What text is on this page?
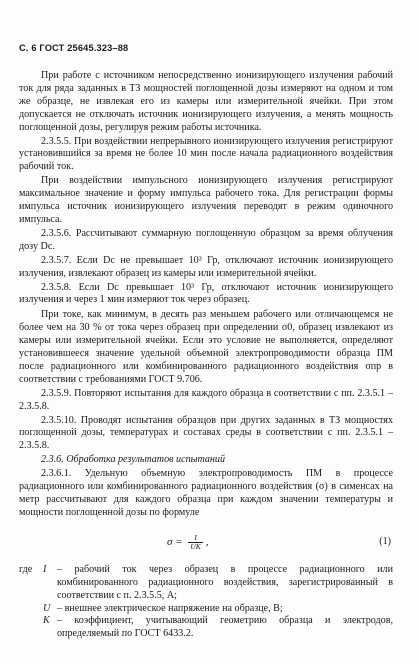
С. 6 ГОСТ 25645.323–88

При работе с источником непосредственно ионизирующего излучения рабочий ток для ряда заданных в ТЗ мощностей поглощенной дозы измеряют на одном и том же образце, не извлекая его из камеры или измерительной ячейки. При этом допускается не отключать источник ионизирующего излучения, а менять мощность поглощенной дозы, регулируя режим работы источника.

2.3.5.5. При воздействии непрерывного ионизирующего излучения регистрируют установившийся за время не более 10 мин после начала радиационного воздействия рабочий ток.

При воздействии импульсного ионизирующего излучения регистрируют максимальное значение и форму импульса рабочего тока. Для регистрации формы импульса источник ионизирующего излучения переводят в режим одиночного импульса.

2.3.5.6. Рассчитывают суммарную поглощенную образцом за время облучения дозу Dс.

2.3.5.7. Если Dс не превышает 10³ Гр, отключают источник ионизирующего излучения, извлекают образец из камеры или измерительной ячейки.

2.3.5.8. Если Dс превышает 10³ Гр, отключают источник ионизирующего излучения и через 1 мин измеряют ток через образец.

При токе, как минимум, в десять раз меньшем рабочего или отличающемся не более чем на 30 % от тока через образец при определении σ0, образец извлекают из камеры или измерительной ячейки. Если это условие не выполняется, определяют установившееся значение удельной объемной электропроводимости образца ПМ после радиационного или комбинированного радиационного воздействия σпр в соответствии с требованиями ГОСТ 9.706.

2.3.5.9. Повторяют испытания для каждого образца в соответствии с пп. 2.3.5.1 – 2.3.5.8.

2.3.5.10. Проводят испытания образцов при других заданных в ТЗ мощностях поглощенной дозы, температурах и составах среды в соответствии с пп. 2.3.5.1 – 2.3.5.8.

2.3.6. Обработка результатов испытаний

2.3.6.1. Удельную объемную электропроводимость ПМ в процессе радиационного или комбинированного радиационного воздействия (σ) в сименсах на метр рассчитывают для каждого образца при каждом значении температуры и мощности поглощенной дозы по формуле

$\sigma = \frac{I}{UK}$ ,	(1)
где	I	– рабочий ток через образец в процессе радиационного или комбинированного радиационного воздействия, зарегистрированный в соответствии с п. 2.3.5.5, А;
U – внешнее электрическое напряжение на образце, В;
K – коэффициент, учитывающий геометрию образца и электродов, определяемый по ГОСТ 6433.2.
